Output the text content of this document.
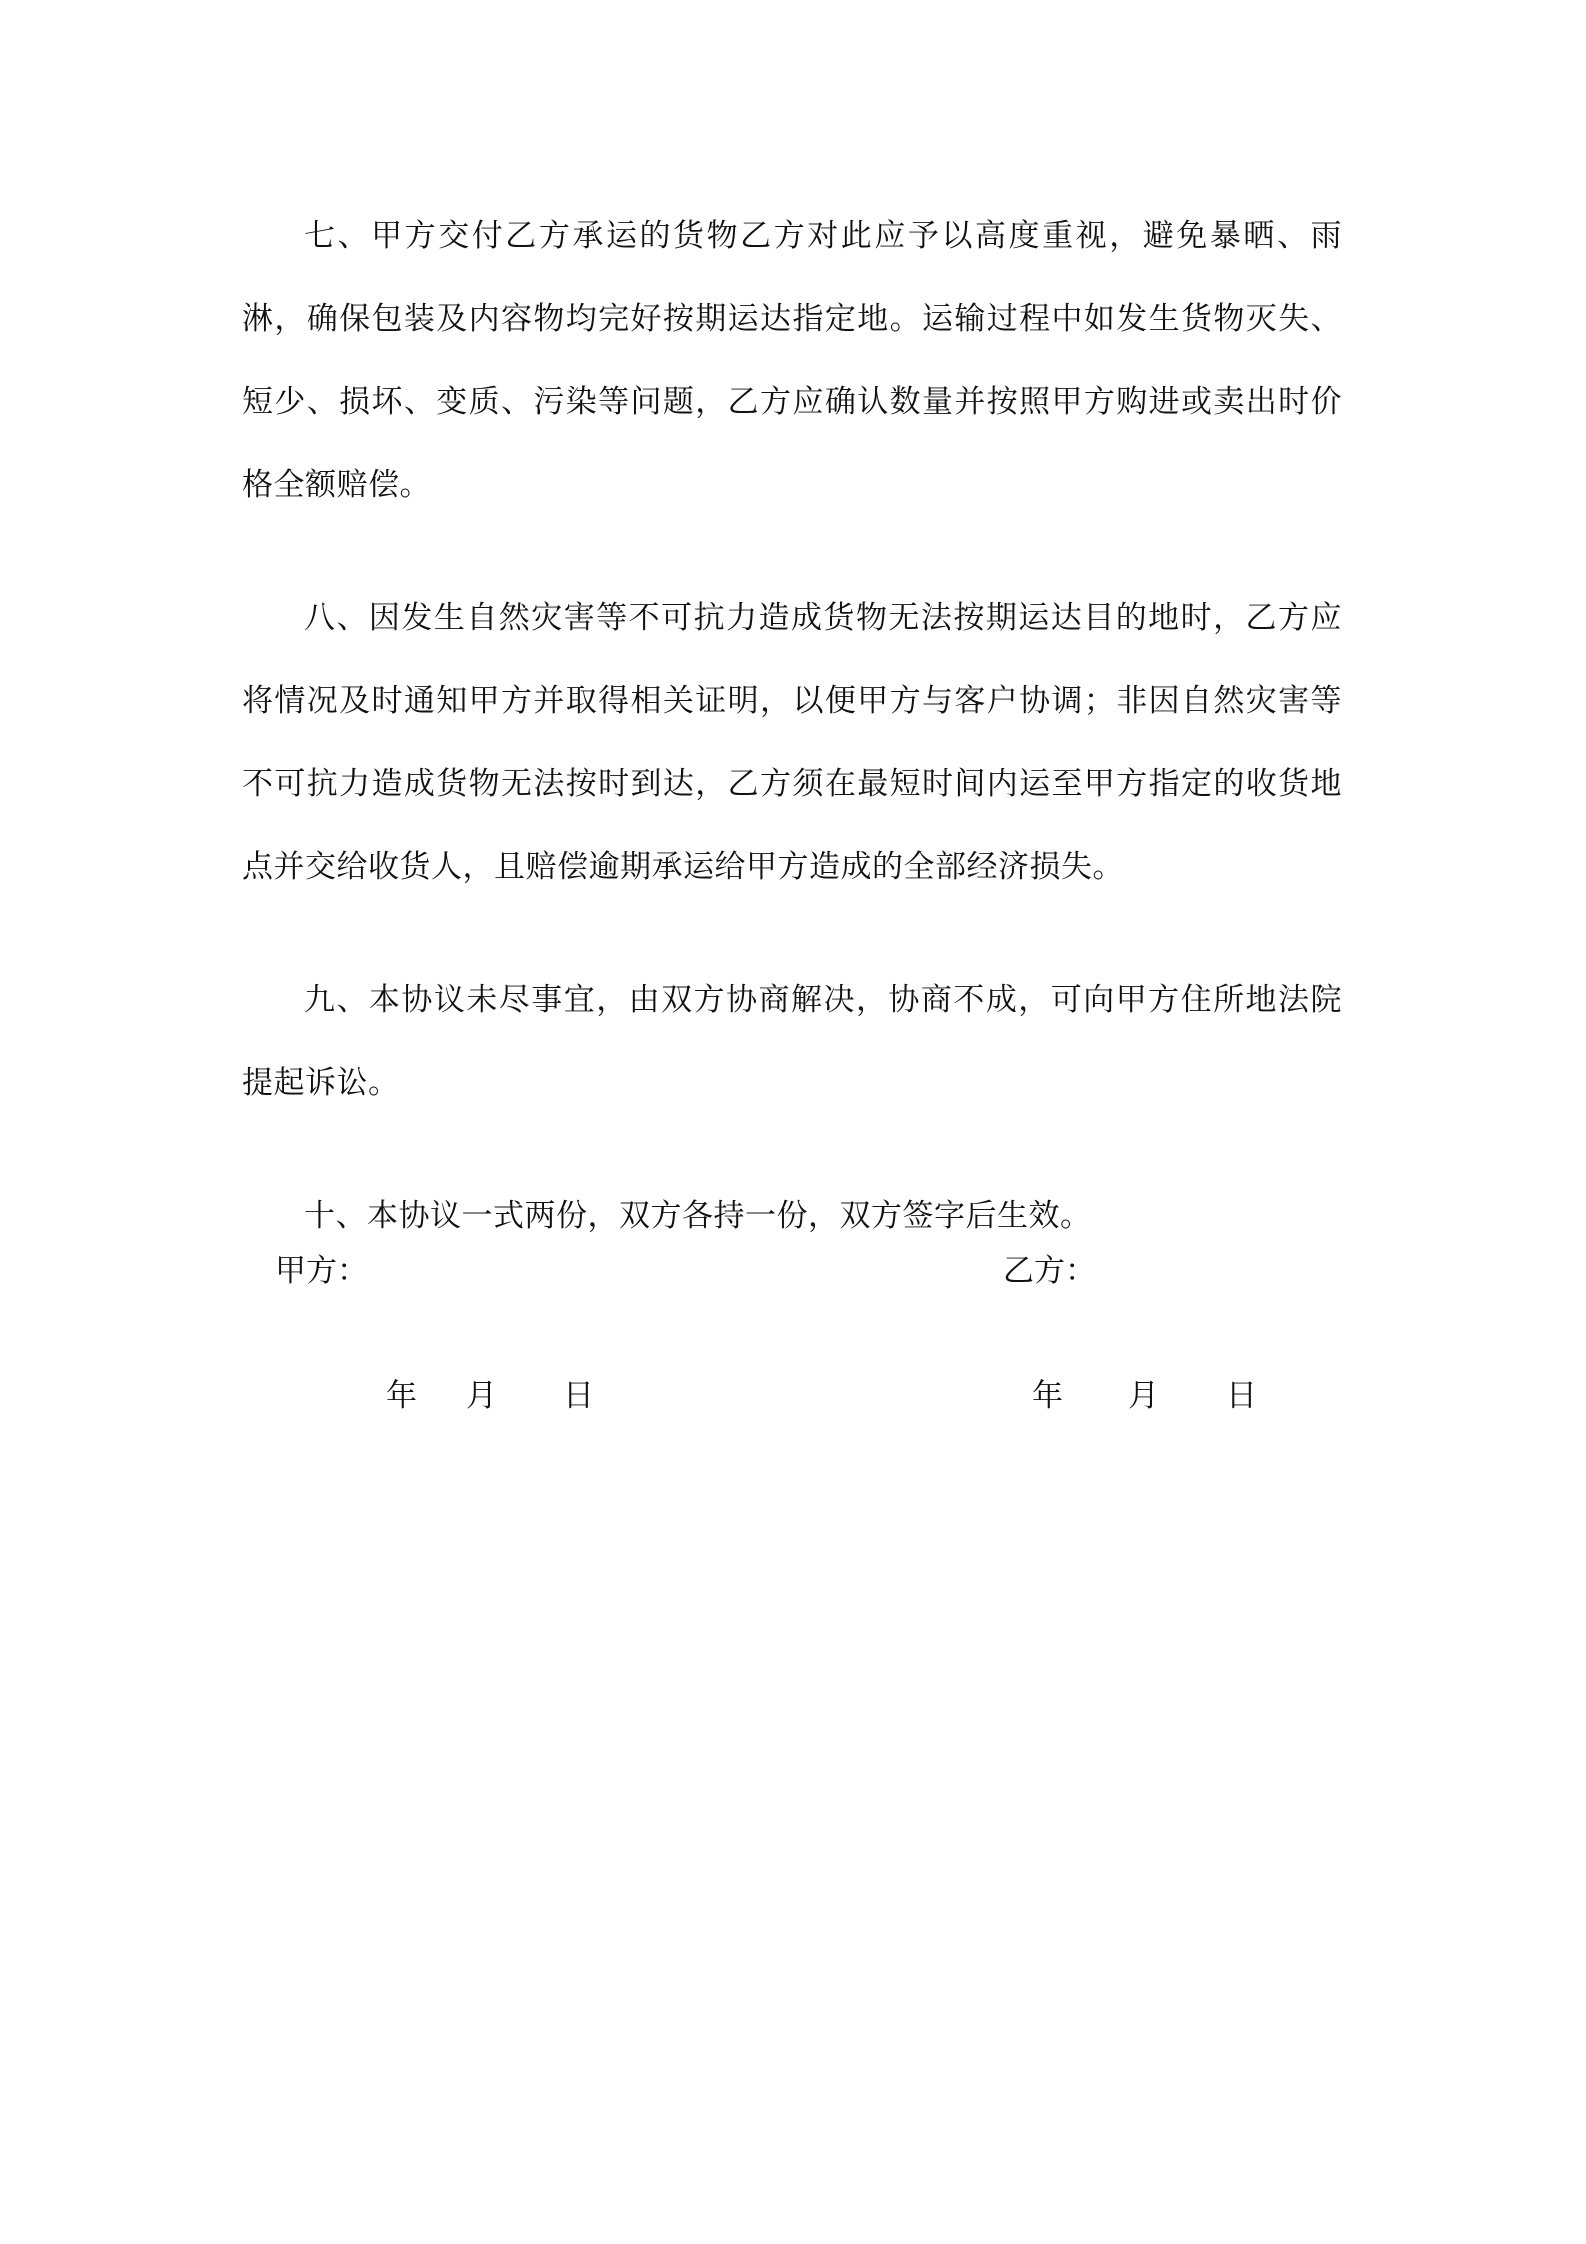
七、甲方交付乙方承运的货物乙方对此应予以高度重视，避免暴晒、雨淋，确保包装及内容物均完好按期运达指定地。运输过程中如发生货物灭失、短少、损坏、变质、污染等问题，乙方应确认数量并按照甲方购进或卖出时价格全额赔偿。

八、因发生自然灾害等不可抗力造成货物无法按期运达目的地时，乙方应将情况及时通知甲方并取得相关证明，以便甲方与客户协调；非因自然灾害等不可抗力造成货物无法按时到达，乙方须在最短时间内运至甲方指定的收货地点并交给收货人，且赔偿逾期承运给甲方造成的全部经济损失。

九、本协议未尽事宜，由双方协商解决，协商不成，可向甲方住所地法院提起诉讼。

十、本协议一式两份，双方各持一份，双方签字后生效。

甲方：	乙方：
年 月 日	年 月 日
